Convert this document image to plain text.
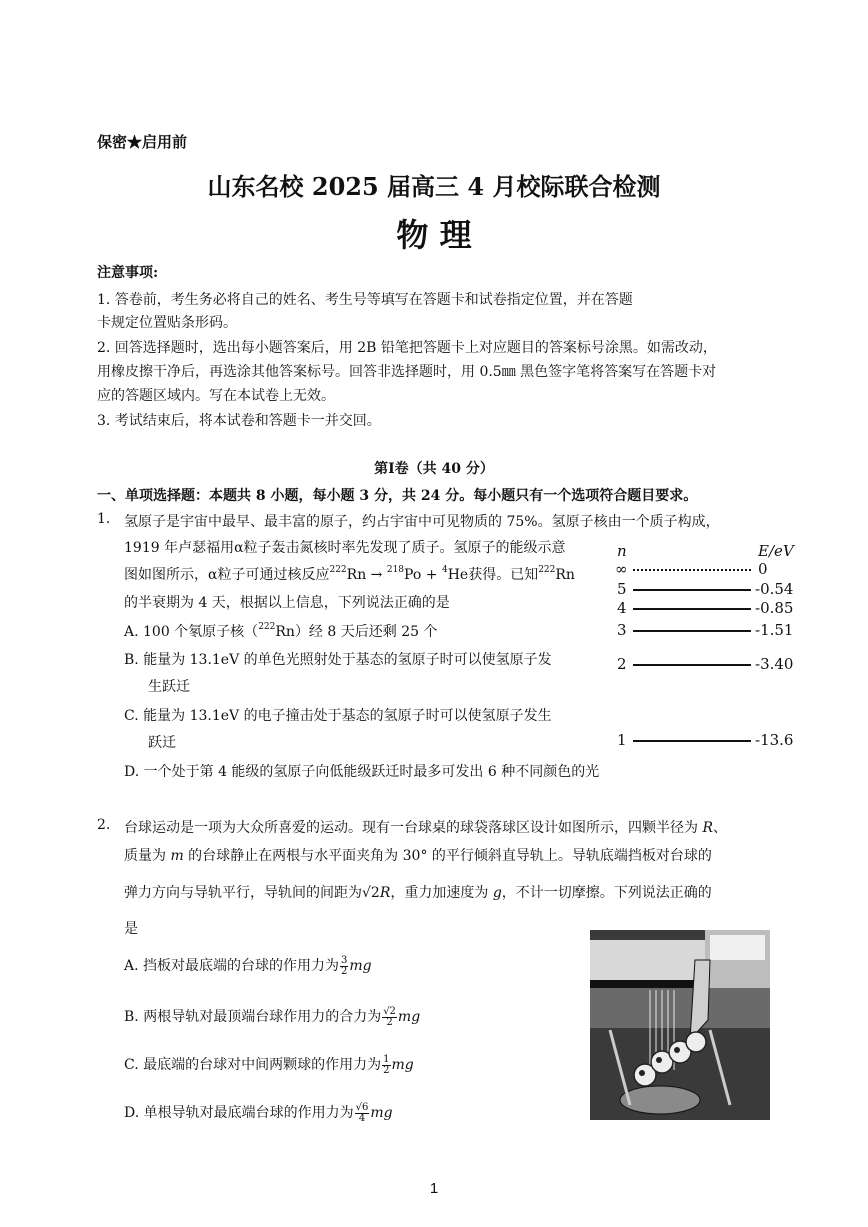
保密★启用前
山东名校 2025 届高三 4 月校际联合检测
物 理
注意事项:
1. 答卷前，考生务必将自己的姓名、考生号等填写在答题卡和试卷指定位置，并在答题
卡规定位置贴条形码。
2. 回答选择题时，选出每小题答案后，用 2B 铅笔把答题卡上对应题目的答案标号涂黑。如需改动，
用橡皮擦干净后，再选涂其他答案标号。回答非选择题时，用 0.5㎜ 黑色签字笔将答案写在答题卡对
应的答题区域内。写在本试卷上无效。
3. 考试结束后，将本试卷和答题卡一并交回。
第Ⅰ卷（共 40 分）
一、单项选择题：本题共 8 小题，每小题 3 分，共 24 分。每小题只有一个选项符合题目要求。
1. 氢原子是宇宙中最早、最丰富的原子，约占宇宙中可见物质的 75%。氢原子核由一个质子构成，
1919 年卢瑟福用α粒子轰击氮核时率先发现了质子。氢原子的能级示意
图如图所示，α粒子可通过核反应$^{222}$Rn → $^{218}$Po + $^4$He获得。已知$^{222}$Rn
的半衰期为 4 天，根据以上信息，下列说法正确的是
A. 100 个氡原子核（$^{222}$Rn）经 8 天后还剩 25 个
B. 能量为 13.1eV 的单色光照射处于基态的氢原子时可以使氢原子发
生跃迁
C. 能量为 13.1eV 的电子撞击处于基态的氢原子时可以使氢原子发生
跃迁
D. 一个处于第 4 能级的氢原子向低能级跃迁时最多可发出 6 种不同颜色的光
n	E/eV
∞	0
5	-0.54
4	-0.85
3	-1.51
2	-3.40
1	-13.6
2. 台球运动是一项为大众所喜爱的运动。现有一台球桌的球袋落球区设计如图所示，四颗半径为 R、
质量为 m 的台球静止在两根与水平面夹角为 30° 的平行倾斜直导轨上。导轨底端挡板对台球的
弹力方向与导轨平行，导轨间的间距为√2R，重力加速度为 g，不计一切摩擦。下列说法正确的
是
A. 挡板对最底端的台球的作用力为 $\frac{3}{2}$ mg
B. 两根导轨对最顶端台球作用力的合力为 $\frac{√2}{2}$ mg
C. 最底端的台球对中间两颗球的作用力为 $\frac{1}{2}$ mg
D. 单根导轨对最底端台球的作用力为 $\frac{√6}{4}$ mg
1
